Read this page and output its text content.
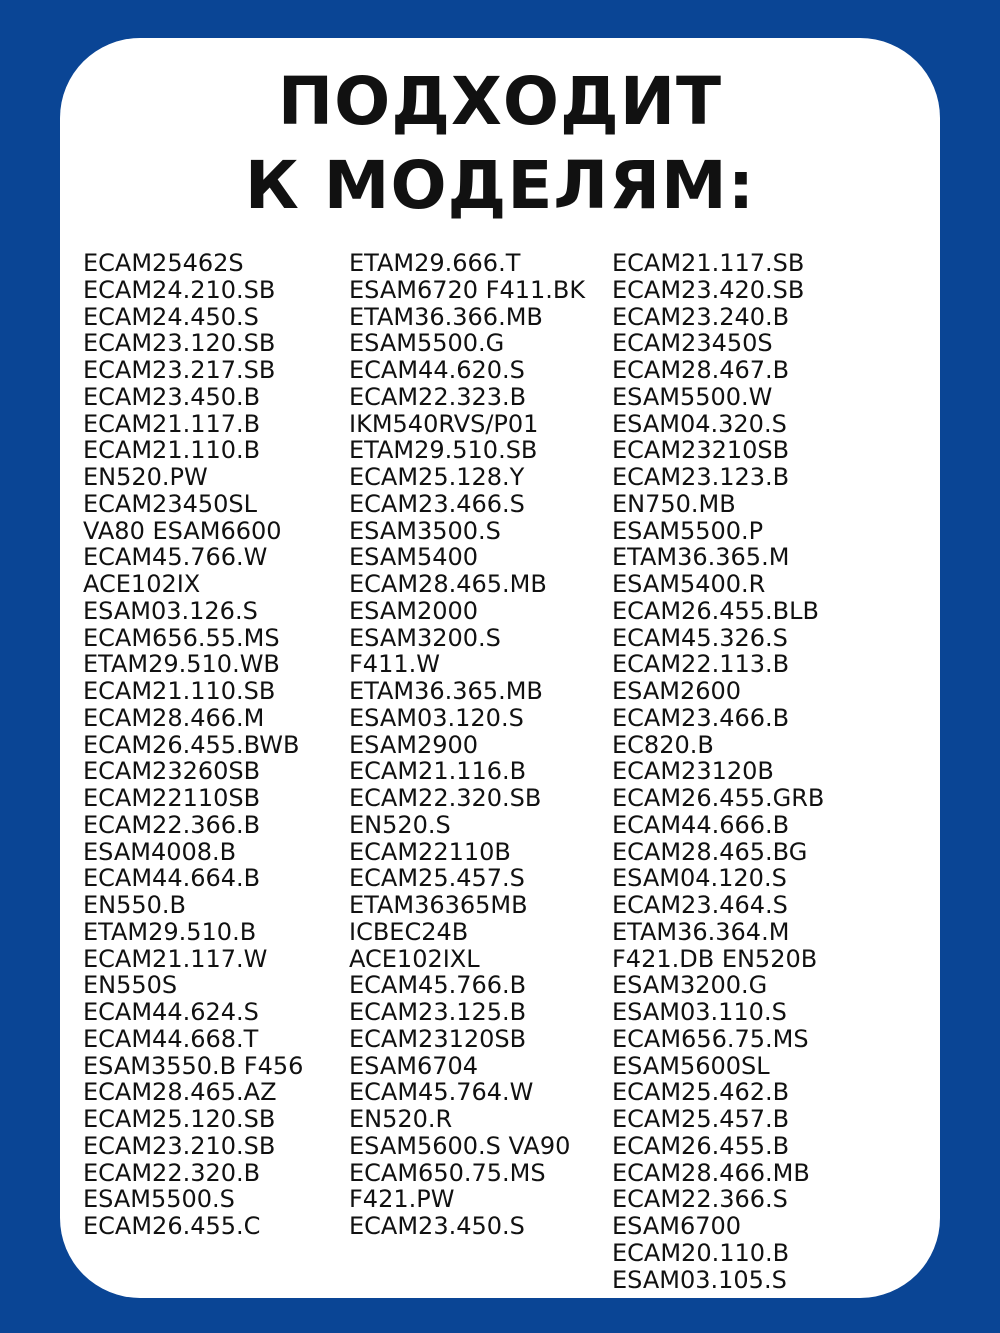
ПОДХОДИТ
К МОДЕЛЯМ:
ECAM25462S
ECAM24.210.SB
ECAM24.450.S
ECAM23.120.SB
ECAM23.217.SB
ECAM23.450.B
ECAM21.117.B
ECAM21.110.B
EN520.PW
ECAM23450SL
VA80 ESAM6600
ECAM45.766.W
ACE102IX
ESAM03.126.S
ECAM656.55.MS
ETAM29.510.WB
ECAM21.110.SB
ECAM28.466.M
ECAM26.455.BWB
ECAM23260SB
ECAM22110SB
ECAM22.366.B
ESAM4008.B
ECAM44.664.B
EN550.B
ETAM29.510.B
ECAM21.117.W
EN550S
ECAM44.624.S
ECAM44.668.T
ESAM3550.B F456
ECAM28.465.AZ
ECAM25.120.SB
ECAM23.210.SB
ECAM22.320.B
ESAM5500.S
ECAM26.455.C
ETAM29.666.T
ESAM6720 F411.BK
ETAM36.366.MB
ESAM5500.G
ECAM44.620.S
ECAM22.323.B
IKM540RVS/P01
ETAM29.510.SB
ECAM25.128.Y
ECAM23.466.S
ESAM3500.S
ESAM5400
ECAM28.465.MB
ESAM2000
ESAM3200.S
F411.W
ETAM36.365.MB
ESAM03.120.S
ESAM2900
ECAM21.116.B
ECAM22.320.SB
EN520.S
ECAM22110B
ECAM25.457.S
ETAM36365MB
ICBEC24B
ACE102IXL
ECAM45.766.B
ECAM23.125.B
ECAM23120SB
ESAM6704
ECAM45.764.W
EN520.R
ESAM5600.S VA90
ECAM650.75.MS
F421.PW
ECAM23.450.S
ECAM21.117.SB
ECAM23.420.SB
ECAM23.240.B
ECAM23450S
ECAM28.467.B
ESAM5500.W
ESAM04.320.S
ECAM23210SB
ECAM23.123.B
EN750.MB
ESAM5500.P
ETAM36.365.M
ESAM5400.R
ECAM26.455.BLB
ECAM45.326.S
ECAM22.113.B
ESAM2600
ECAM23.466.B
EC820.B
ECAM23120B
ECAM26.455.GRB
ECAM44.666.B
ECAM28.465.BG
ESAM04.120.S
ECAM23.464.S
ETAM36.364.M
F421.DB EN520B
ESAM3200.G
ESAM03.110.S
ECAM656.75.MS
ESAM5600SL
ECAM25.462.B
ECAM25.457.B
ECAM26.455.B
ECAM28.466.MB
ECAM22.366.S
ESAM6700
ECAM20.110.B
ESAM03.105.S
